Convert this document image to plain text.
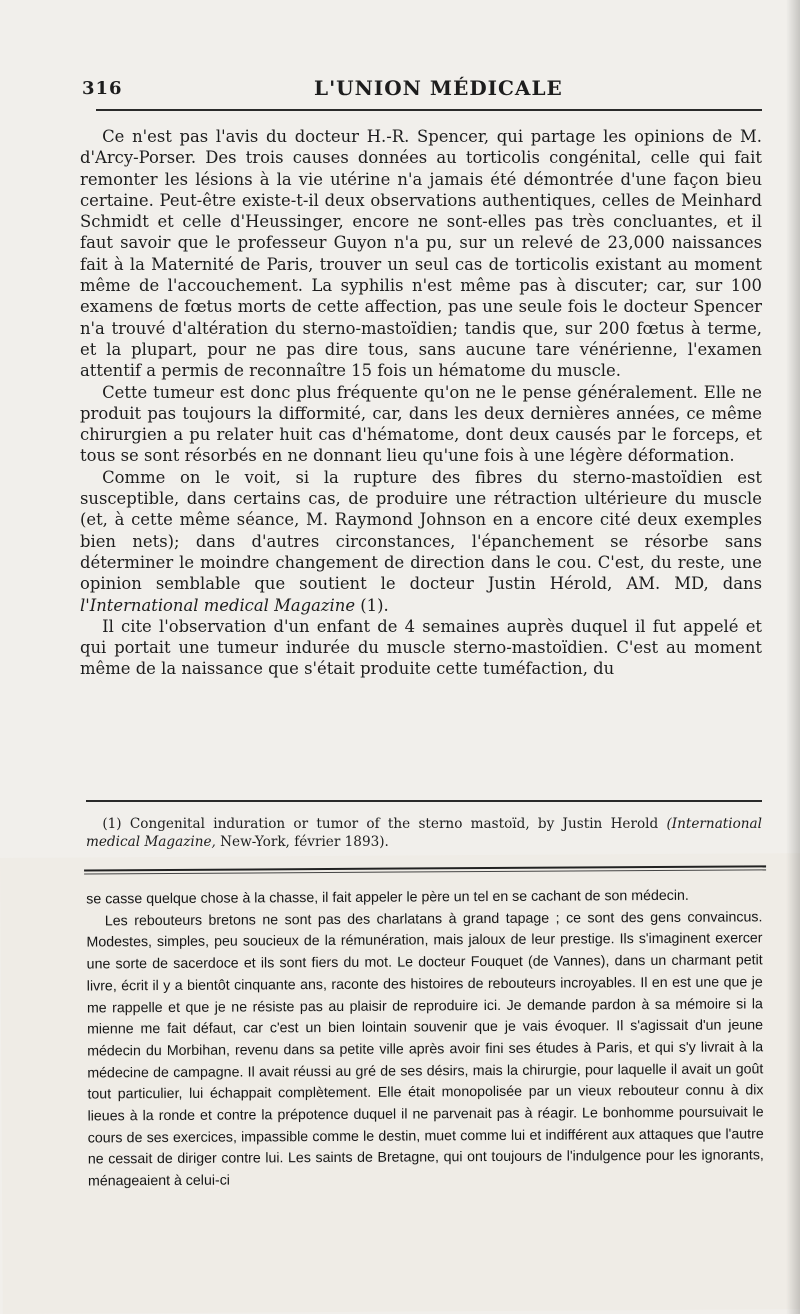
316	L'UNION MÉDICALE

Ce n'est pas l'avis du docteur H.-R. Spencer, qui partage les opinions de M. d'Arcy-Porser. Des trois causes données au torticolis congénital, celle qui fait remonter les lésions à la vie utérine n'a jamais été démontrée d'une façon bieu certaine. Peut-être existe-t-il deux observations authentiques, celles de Meinhard Schmidt et celle d'Heussinger, encore ne sont-elles pas très concluantes, et il faut savoir que le professeur Guyon n'a pu, sur un relevé de 23,000 naissances fait à la Maternité de Paris, trouver un seul cas de torticolis existant au moment même de l'accouchement. La syphilis n'est même pas à discuter; car, sur 100 examens de fœtus morts de cette affection, pas une seule fois le docteur Spencer n'a trouvé d'altération du sterno-mastoïdien; tandis que, sur 200 fœtus à terme, et la plupart, pour ne pas dire tous, sans aucune tare vénérienne, l'examen attentif a permis de reconnaître 15 fois un hématome du muscle.

Cette tumeur est donc plus fréquente qu'on ne le pense généralement. Elle ne produit pas toujours la difformité, car, dans les deux dernières années, ce même chirurgien a pu relater huit cas d'hématome, dont deux causés par le forceps, et tous se sont résorbés en ne donnant lieu qu'une fois à une légère déformation.

Comme on le voit, si la rupture des fibres du sterno-mastoïdien est susceptible, dans certains cas, de produire une rétraction ultérieure du muscle (et, à cette même séance, M. Raymond Johnson en a encore cité deux exemples bien nets); dans d'autres circonstances, l'épanchement se résorbe sans déterminer le moindre changement de direction dans le cou. C'est, du reste, une opinion semblable que soutient le docteur Justin Hérold, AM. MD, dans l'International medical Magazine (1).

Il cite l'observation d'un enfant de 4 semaines auprès duquel il fut appelé et qui portait une tumeur indurée du muscle sterno-mastoïdien. C'est au moment même de la naissance que s'était produite cette tuméfaction, du

(1) Congenital induration or tumor of the sterno mastoïd, by Justin Herold (International medical Magazine, New-York, février 1893).

se casse quelque chose à la chasse, il fait appeler le père un tel en se cachant de son médecin.

Les rebouteurs bretons ne sont pas des charlatans à grand tapage ; ce sont des gens convaincus. Modestes, simples, peu soucieux de la rémunération, mais jaloux de leur prestige. Ils s'imaginent exercer une sorte de sacerdoce et ils sont fiers du mot. Le docteur Fouquet (de Vannes), dans un charmant petit livre, écrit il y a bientôt cinquante ans, raconte des histoires de rebouteurs incroyables. Il en est une que je me rappelle et que je ne résiste pas au plaisir de reproduire ici. Je demande pardon à sa mémoire si la mienne me fait défaut, car c'est un bien lointain souvenir que je vais évoquer. Il s'agissait d'un jeune médecin du Morbihan, revenu dans sa petite ville après avoir fini ses études à Paris, et qui s'y livrait à la médecine de campagne. Il avait réussi au gré de ses désirs, mais la chirurgie, pour laquelle il avait un goût tout particulier, lui échappait complètement. Elle était monopolisée par un vieux rebouteur connu à dix lieues à la ronde et contre la prépotence duquel il ne parvenait pas à réagir. Le bonhomme poursuivait le cours de ses exercices, impassible comme le destin, muet comme lui et indifférent aux attaques que l'autre ne cessait de diriger contre lui. Les saints de Bretagne, qui ont toujours de l'indulgence pour les ignorants, ménageaient à celui-ci
